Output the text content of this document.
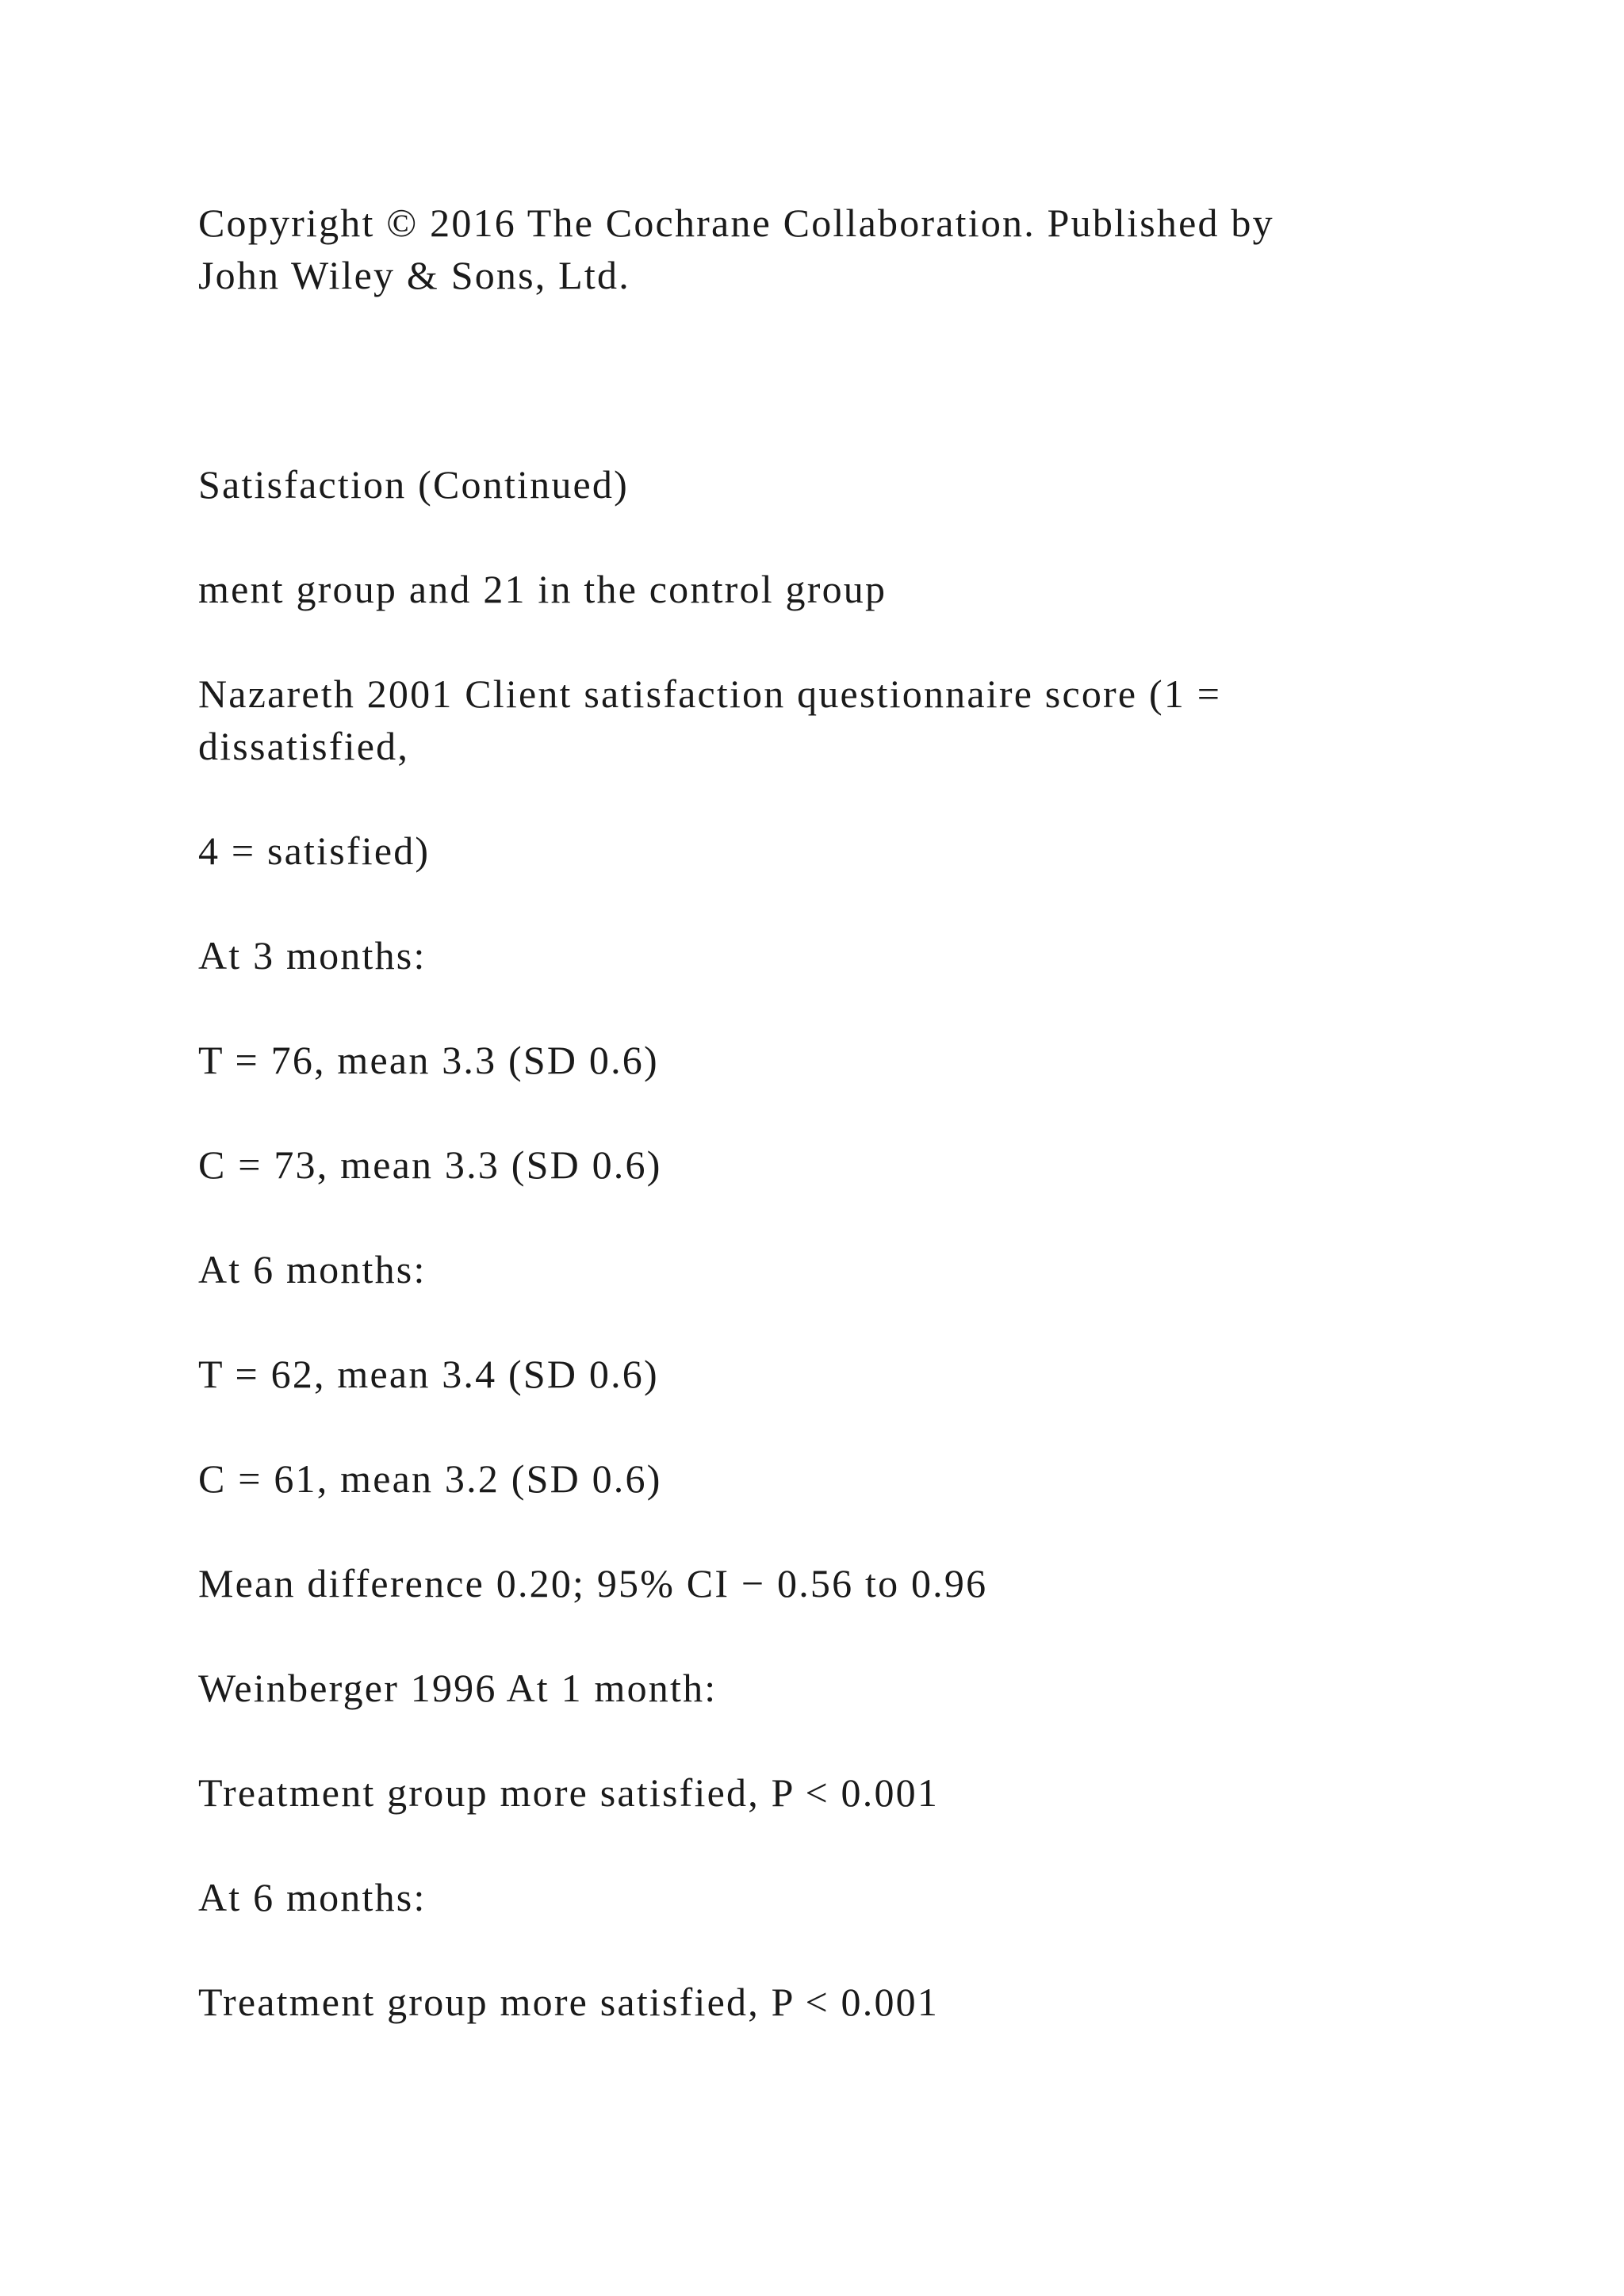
Copyright © 2016 The Cochrane Collaboration. Published by

John Wiley & Sons, Ltd.

Satisfaction (Continued)

ment group and 21 in the control group

Nazareth 2001 Client satisfaction questionnaire score (1 =

dissatisfied,

4 = satisfied)

At 3 months:

T = 76, mean 3.3 (SD 0.6)

C = 73, mean 3.3 (SD 0.6)

At 6 months:

T = 62, mean 3.4 (SD 0.6)

C = 61, mean 3.2 (SD 0.6)

Mean difference 0.20; 95% CI − 0.56 to 0.96

Weinberger 1996 At 1 month:

Treatment group more satisfied, P < 0.001

At 6 months:

Treatment group more satisfied, P < 0.001
